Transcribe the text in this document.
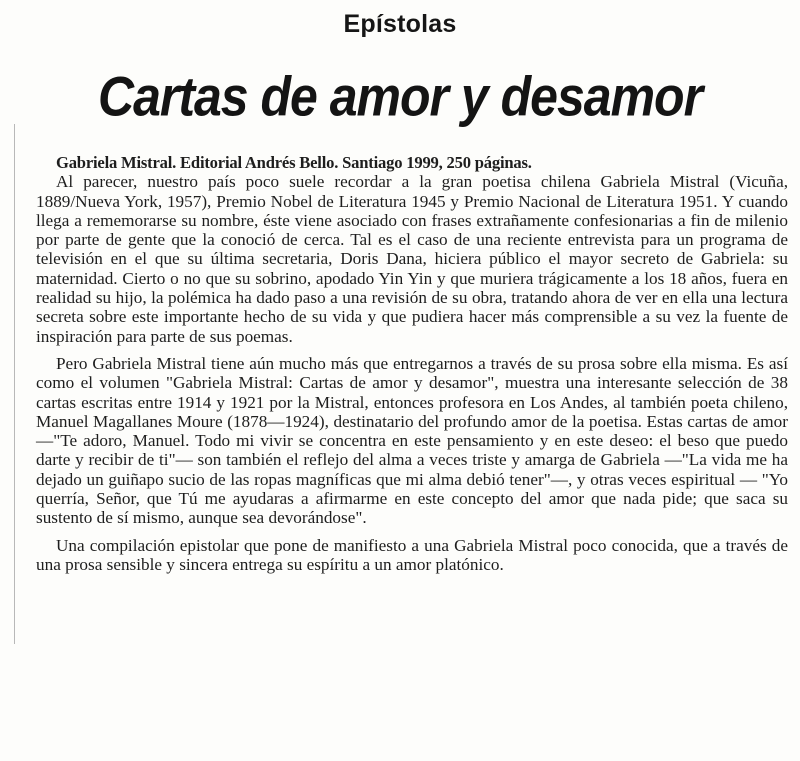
Epístolas
Cartas de amor y desamor
Gabriela Mistral. Editorial Andrés Bello. Santiago 1999, 250 páginas.

Al parecer, nuestro país poco suele recordar a la gran poetisa chilena Gabriela Mistral (Vicuña, 1889/Nueva York, 1957), Premio Nobel de Literatura 1945 y Premio Nacional de Literatura 1951. Y cuando llega a rememorarse su nombre, éste viene asociado con frases extrañamente confesionarias a fin de milenio por parte de gente que la conoció de cerca. Tal es el caso de una reciente entrevista para un programa de televisión en el que su última secretaria, Doris Dana, hiciera público el mayor secreto de Gabriela: su maternidad. Cierto o no que su sobrino, apodado Yin Yin y que muriera trágicamente a los 18 años, fuera en realidad su hijo, la polémica ha dado paso a una revisión de su obra, tratando ahora de ver en ella una lectura secreta sobre este importante hecho de su vida y que pudiera hacer más comprensible a su vez la fuente de inspiración para parte de sus poemas.

Pero Gabriela Mistral tiene aún mucho más que entregarnos a través de su prosa sobre ella misma. Es así como el volumen "Gabriela Mistral: Cartas de amor y desamor", muestra una interesante selección de 38 cartas escritas entre 1914 y 1921 por la Mistral, entonces profesora en Los Andes, al también poeta chileno, Manuel Magallanes Moure (1878—1924), destinatario del profundo amor de la poetisa. Estas cartas de amor —"Te adoro, Manuel. Todo mi vivir se concentra en este pensamiento y en este deseo: el beso que puedo darte y recibir de ti"— son también el reflejo del alma a veces triste y amarga de Gabriela —"La vida me ha dejado un guiñapo sucio de las ropas magníficas que mi alma debió tener"—, y otras veces espiritual — "Yo querría, Señor, que Tú me ayudaras a afirmarme en este concepto del amor que nada pide; que saca su sustento de sí mismo, aunque sea devorándose".

Una compilación epistolar que pone de manifiesto a una Gabriela Mistral poco conocida, que a través de una prosa sensible y sincera entrega su espíritu a un amor platónico.
